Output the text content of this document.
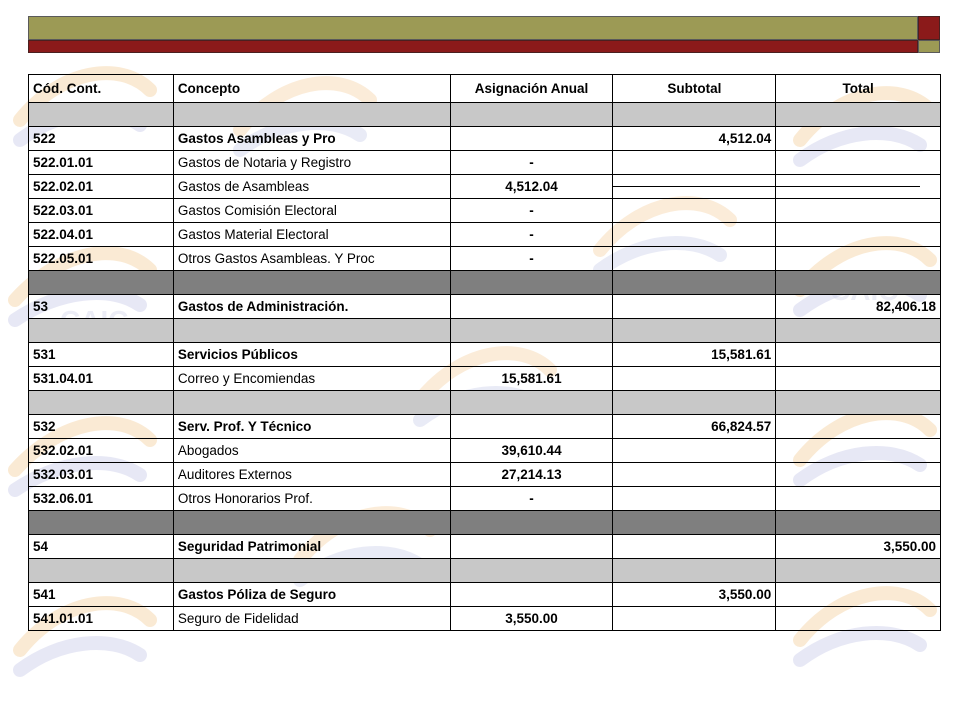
Cód. Cont.	Concepto	Asignación Anual	Subtotal	Total

522	Gastos Asambleas y Pro		4,512.04	
522.01.01	Gastos de Notaria y Registro	-		
522.02.01	Gastos de Asambleas	4,512.04		
522.03.01	Gastos Comisión Electoral	-		
522.04.01	Gastos Material Electoral	-		
522.05.01	Otros Gastos Asambleas. Y Proc	-		

53	Gastos de Administración.			82,406.18

531	Servicios Públicos		15,581.61	
531.04.01	Correo y Encomiendas	15,581.61		

532	Serv. Prof. Y Técnico		66,824.57	
532.02.01	Abogados	39,610.44		
532.03.01	Auditores Externos	27,214.13		
532.06.01	Otros Honorarios Prof.	-		

54	Seguridad Patrimonial			3,550.00

541	Gastos Póliza de Seguro		3,550.00	
541.01.01	Seguro de Fidelidad	3,550.00		
